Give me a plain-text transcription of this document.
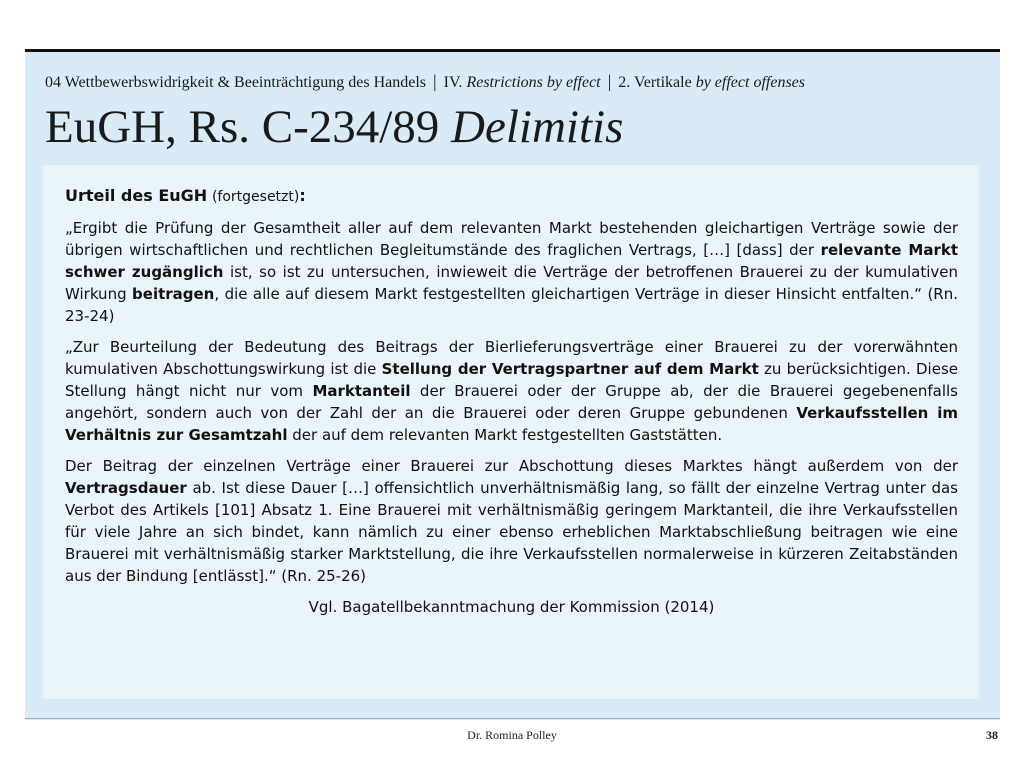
04 Wettbewerbswidrigkeit & Beeinträchtigung des Handels | IV. Restrictions by effect | 2. Vertikale by effect offenses
EuGH, Rs. C-234/89 Delimitis

Urteil des EuGH (fortgesetzt):

„Ergibt die Prüfung der Gesamtheit aller auf dem relevanten Markt bestehenden gleichartigen Verträge sowie der übrigen wirtschaftlichen und rechtlichen Begleitumstände des fraglichen Vertrags, […] [dass] der relevante Markt schwer zugänglich ist, so ist zu untersuchen, inwieweit die Verträge der betroffenen Brauerei zu der kumulativen Wirkung beitragen, die alle auf diesem Markt festgestellten gleichartigen Verträge in dieser Hinsicht entfalten.“ (Rn. 23-24)

„Zur Beurteilung der Bedeutung des Beitrags der Bierlieferungsverträge einer Brauerei zu der vorerwähnten kumulativen Abschottungswirkung ist die Stellung der Vertragspartner auf dem Markt zu berücksichtigen. Diese Stellung hängt nicht nur vom Marktanteil der Brauerei oder der Gruppe ab, der die Brauerei gegebenenfalls angehört, sondern auch von der Zahl der an die Brauerei oder deren Gruppe gebundenen Verkaufsstellen im Verhältnis zur Gesamtzahl der auf dem relevanten Markt festgestellten Gaststätten.

Der Beitrag der einzelnen Verträge einer Brauerei zur Abschottung dieses Marktes hängt außerdem von der Vertragsdauer ab. Ist diese Dauer […] offensichtlich unverhältnismäßig lang, so fällt der einzelne Vertrag unter das Verbot des Artikels [101] Absatz 1. Eine Brauerei mit verhältnismäßig geringem Marktanteil, die ihre Verkaufsstellen für viele Jahre an sich bindet, kann nämlich zu einer ebenso erheblichen Marktabschließung beitragen wie eine Brauerei mit verhältnismäßig starker Marktstellung, die ihre Verkaufsstellen normalerweise in kürzeren Zeitabständen aus der Bindung [entlässt].“ (Rn. 25-26)

Vgl. Bagatellbekanntmachung der Kommission (2014)

Dr. Romina Polley	38
